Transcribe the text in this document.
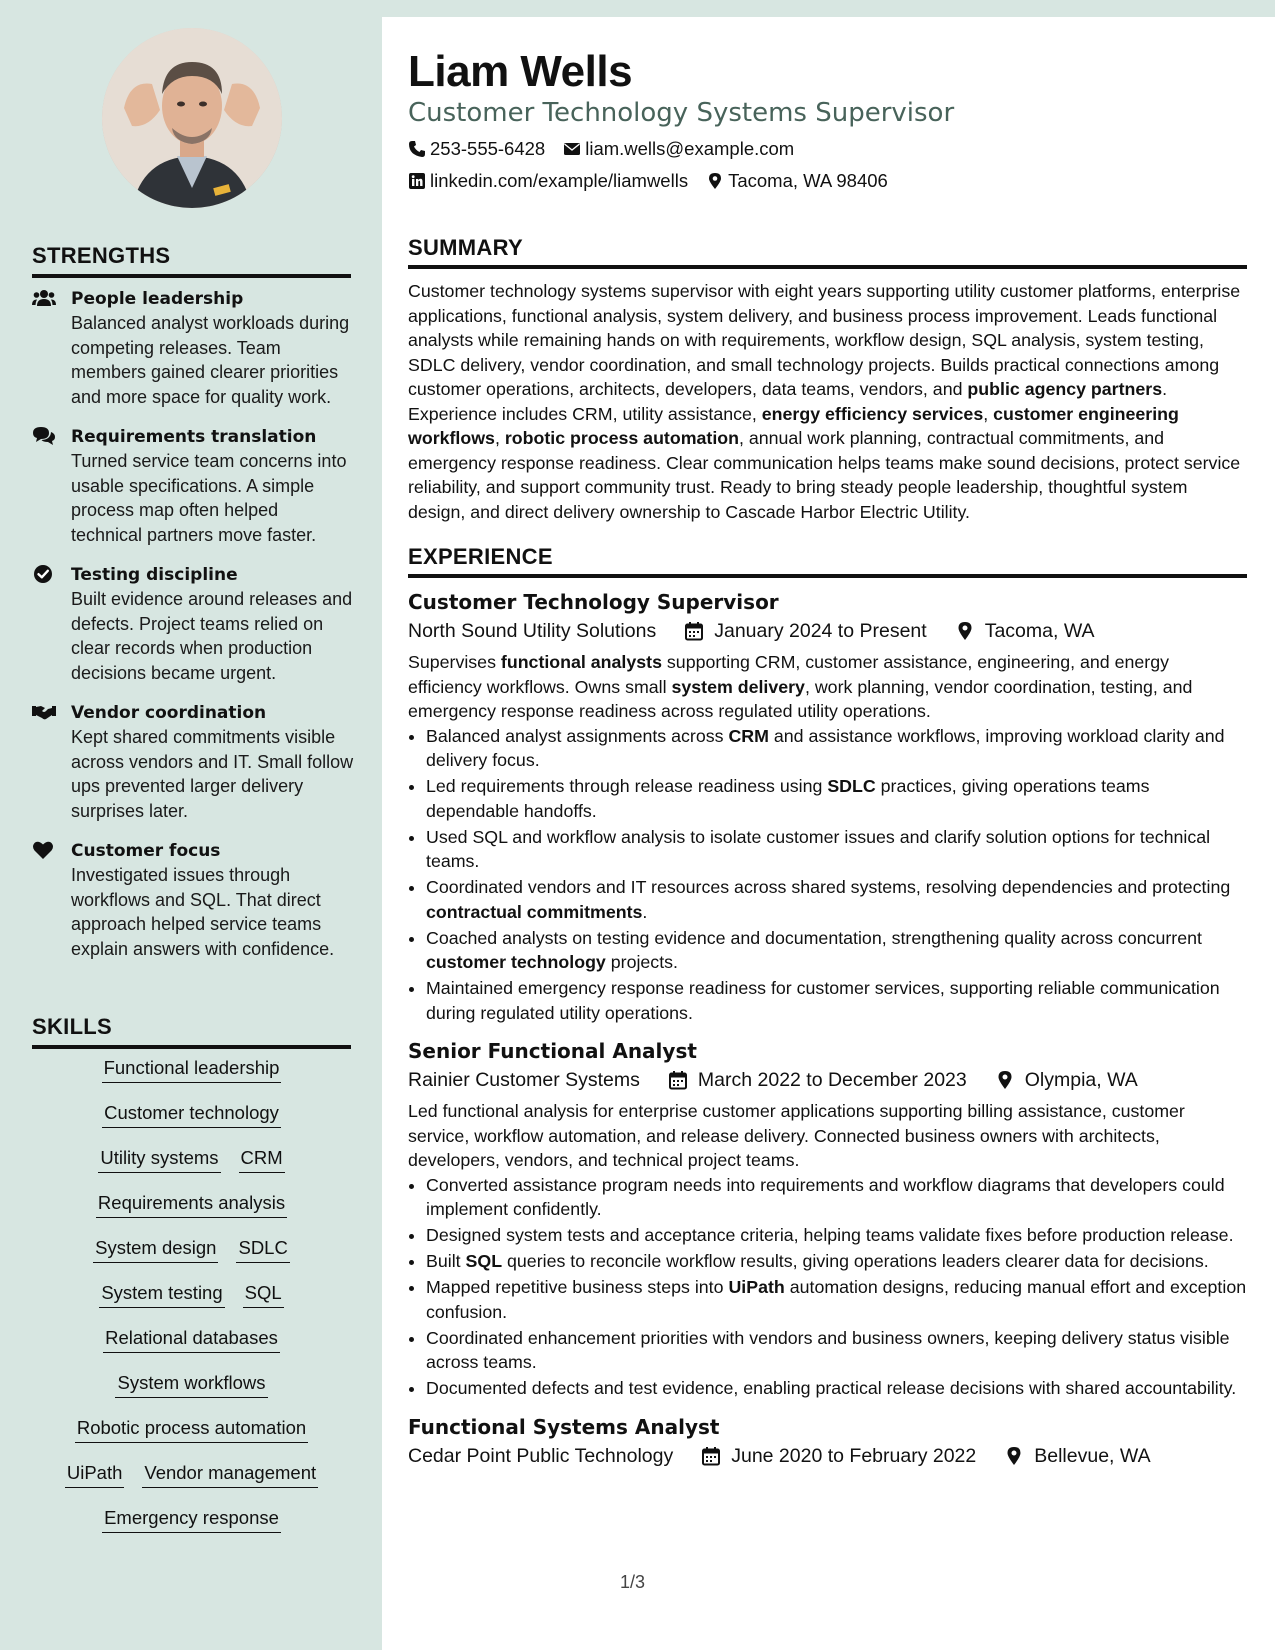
STRENGTHS
People leadership
Balanced analyst workloads during competing releases. Team members gained clearer priorities and more space for quality work.
Requirements translation
Turned service team concerns into usable specifications. A simple process map often helped technical partners move faster.
Testing discipline
Built evidence around releases and defects. Project teams relied on clear records when production decisions became urgent.
Vendor coordination
Kept shared commitments visible across vendors and IT. Small follow ups prevented larger delivery surprises later.
Customer focus
Investigated issues through workflows and SQL. That direct approach helped service teams explain answers with confidence.
SKILLS
Functional leadership
Customer technology
Utility systems CRM
Requirements analysis
System design SDLC
System testing SQL
Relational databases
System workflows
Robotic process automation
UiPath Vendor management
Emergency response
Liam Wells
Customer Technology Systems Supervisor
253-555-6428 liam.wells@example.com
linkedin.com/example/liamwells Tacoma, WA 98406
SUMMARY

Customer technology systems supervisor with eight years supporting utility customer platforms, enterprise applications, functional analysis, system delivery, and business process improvement. Leads functional analysts while remaining hands on with requirements, workflow design, SQL analysis, system testing, SDLC delivery, vendor coordination, and small technology projects. Builds practical connections among customer operations, architects, developers, data teams, vendors, and public agency partners. Experience includes CRM, utility assistance, energy efficiency services, customer engineering workflows, robotic process automation, annual work planning, contractual commitments, and emergency response readiness. Clear communication helps teams make sound decisions, protect service reliability, and support community trust. Ready to bring steady people leadership, thoughtful system design, and direct delivery ownership to Cascade Harbor Electric Utility.

EXPERIENCE
Customer Technology Supervisor
North Sound Utility Solutions	January 2024 to Present	Tacoma, WA

Supervises functional analysts supporting CRM, customer assistance, engineering, and energy efficiency workflows. Owns small system delivery, work planning, vendor coordination, testing, and emergency response readiness across regulated utility operations.

• Balanced analyst assignments across CRM and assistance workflows, improving workload clarity and delivery focus.
• Led requirements through release readiness using SDLC practices, giving operations teams dependable handoffs.
• Used SQL and workflow analysis to isolate customer issues and clarify solution options for technical teams.
• Coordinated vendors and IT resources across shared systems, resolving dependencies and protecting contractual commitments.
• Coached analysts on testing evidence and documentation, strengthening quality across concurrent customer technology projects.
• Maintained emergency response readiness for customer services, supporting reliable communication during regulated utility operations.
Senior Functional Analyst
Rainier Customer Systems	March 2022 to December 2023	Olympia, WA

Led functional analysis for enterprise customer applications supporting billing assistance, customer service, workflow automation, and release delivery. Connected business owners with architects, developers, vendors, and technical project teams.

• Converted assistance program needs into requirements and workflow diagrams that developers could implement confidently.
• Designed system tests and acceptance criteria, helping teams validate fixes before production release.
• Built SQL queries to reconcile workflow results, giving operations leaders clearer data for decisions.
• Mapped repetitive business steps into UiPath automation designs, reducing manual effort and exception confusion.
• Coordinated enhancement priorities with vendors and business owners, keeping delivery status visible across teams.
• Documented defects and test evidence, enabling practical release decisions with shared accountability.
Functional Systems Analyst
Cedar Point Public Technology	June 2020 to February 2022	Bellevue, WA
1/3
